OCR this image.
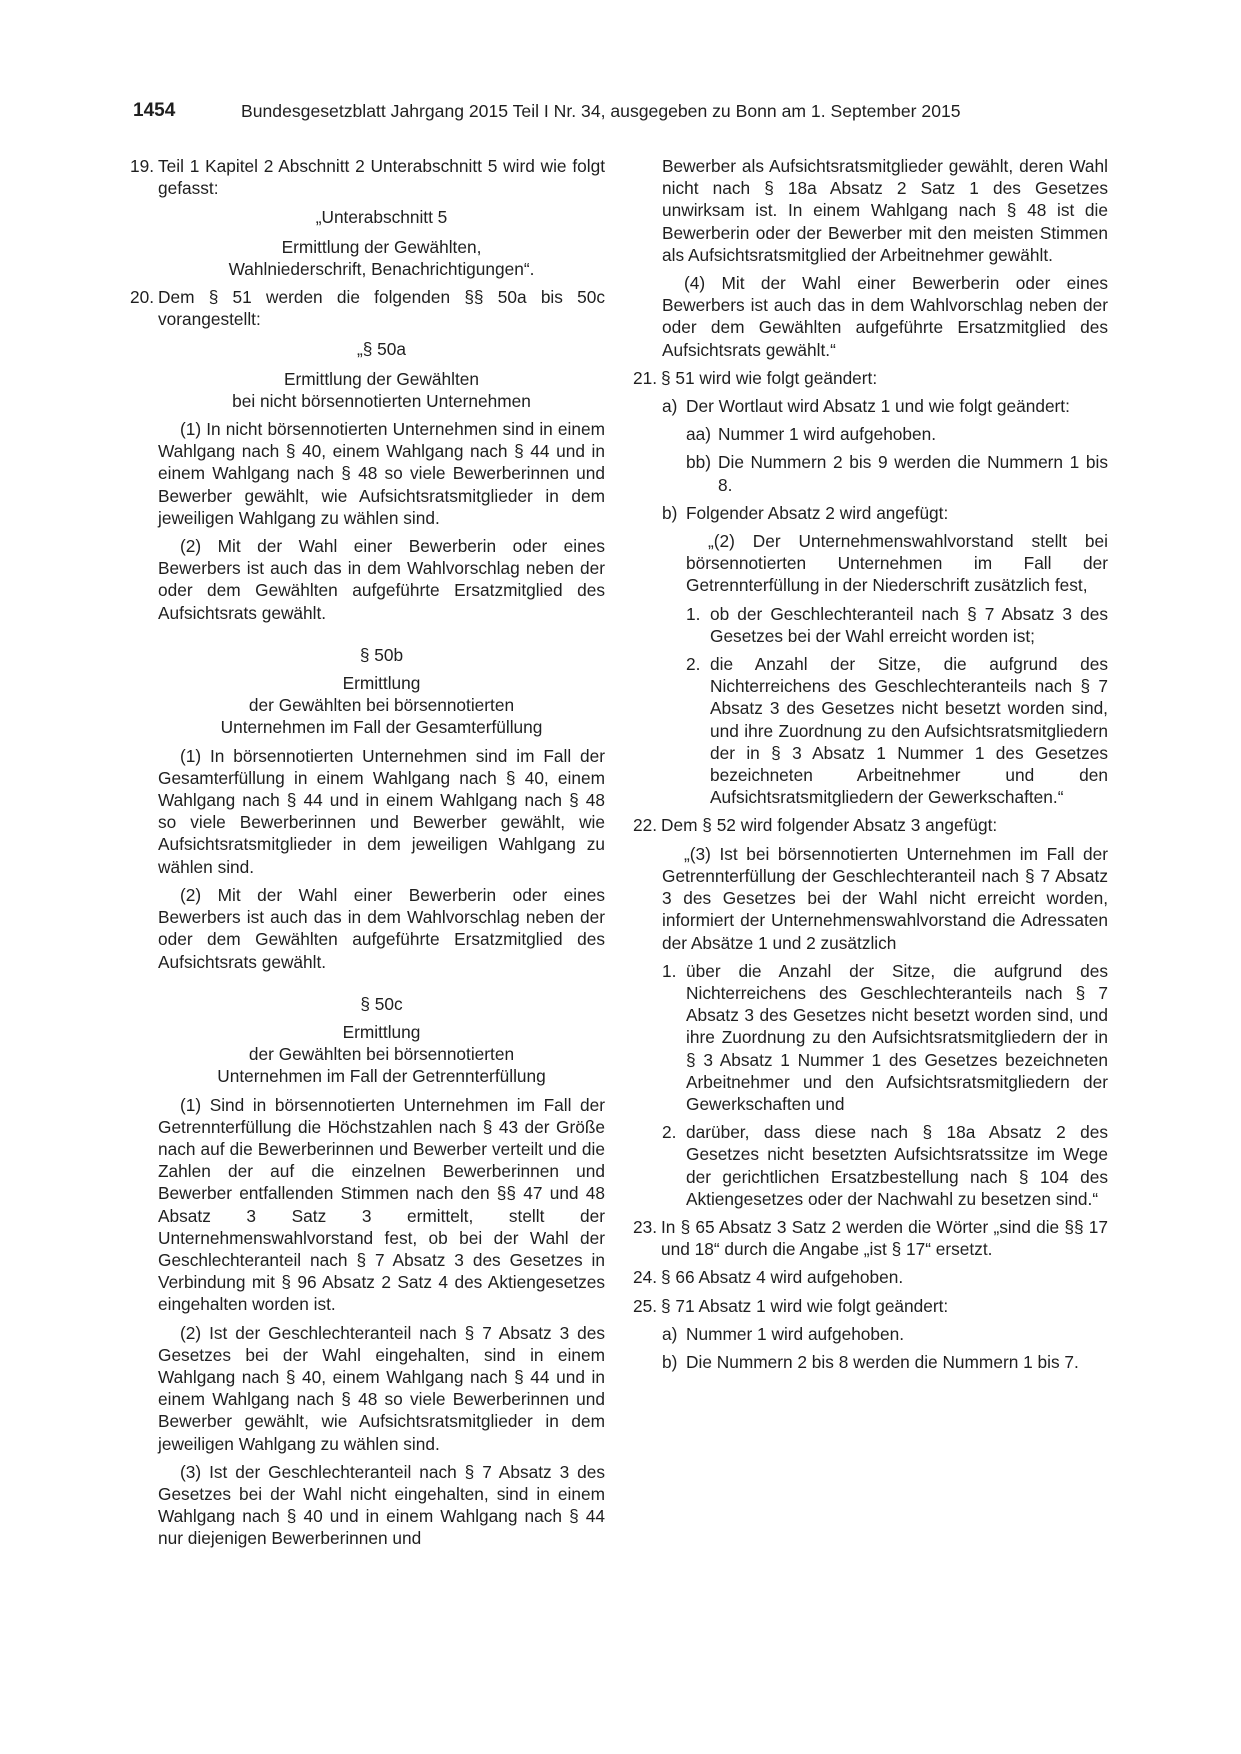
1454	Bundesgesetzblatt Jahrgang 2015 Teil I Nr. 34, ausgegeben zu Bonn am 1. September 2015
19. Teil 1 Kapitel 2 Abschnitt 2 Unterabschnitt 5 wird wie folgt gefasst:

„Unterabschnitt 5

Ermittlung der Gewählten,

Wahlniederschrift, Benachrichtigungen“.

20. Dem § 51 werden die folgenden §§ 50a bis 50c vorangestellt:

„§ 50a

Ermittlung der Gewählten

bei nicht börsennotierten Unternehmen

(1) In nicht börsennotierten Unternehmen sind in einem Wahlgang nach § 40, einem Wahlgang nach § 44 und in einem Wahlgang nach § 48 so viele Bewerberinnen und Bewerber gewählt, wie Aufsichtsratsmitglieder in dem jeweiligen Wahlgang zu wählen sind.

(2) Mit der Wahl einer Bewerberin oder eines Bewerbers ist auch das in dem Wahlvorschlag neben der oder dem Gewählten aufgeführte Ersatzmitglied des Aufsichtsrats gewählt.

§ 50b

Ermittlung

der Gewählten bei börsennotierten

Unternehmen im Fall der Gesamterfüllung

(1) In börsennotierten Unternehmen sind im Fall der Gesamterfüllung in einem Wahlgang nach § 40, einem Wahlgang nach § 44 und in einem Wahlgang nach § 48 so viele Bewerberinnen und Bewerber gewählt, wie Aufsichtsratsmitglieder in dem jeweiligen Wahlgang zu wählen sind.

(2) Mit der Wahl einer Bewerberin oder eines Bewerbers ist auch das in dem Wahlvorschlag neben der oder dem Gewählten aufgeführte Ersatzmitglied des Aufsichtsrats gewählt.

§ 50c

Ermittlung

der Gewählten bei börsennotierten

Unternehmen im Fall der Getrennterfüllung

(1) Sind in börsennotierten Unternehmen im Fall der Getrennterfüllung die Höchstzahlen nach § 43 der Größe nach auf die Bewerberinnen und Bewerber verteilt und die Zahlen der auf die einzelnen Bewerberinnen und Bewerber entfallenden Stimmen nach den §§ 47 und 48 Absatz 3 Satz 3 ermittelt, stellt der Unternehmenswahlvorstand fest, ob bei der Wahl der Geschlechteranteil nach § 7 Absatz 3 des Gesetzes in Verbindung mit § 96 Absatz 2 Satz 4 des Aktiengesetzes eingehalten worden ist.

(2) Ist der Geschlechteranteil nach § 7 Absatz 3 des Gesetzes bei der Wahl eingehalten, sind in einem Wahlgang nach § 40, einem Wahlgang nach § 44 und in einem Wahlgang nach § 48 so viele Bewerberinnen und Bewerber gewählt, wie Aufsichtsratsmitglieder in dem jeweiligen Wahlgang zu wählen sind.

(3) Ist der Geschlechteranteil nach § 7 Absatz 3 des Gesetzes bei der Wahl nicht eingehalten, sind in einem Wahlgang nach § 40 und in einem Wahlgang nach § 44 nur diejenigen Bewerberinnen und

Bewerber als Aufsichtsratsmitglieder gewählt, deren Wahl nicht nach § 18a Absatz 2 Satz 1 des Gesetzes unwirksam ist. In einem Wahlgang nach § 48 ist die Bewerberin oder der Bewerber mit den meisten Stimmen als Aufsichtsratsmitglied der Arbeitnehmer gewählt.

(4) Mit der Wahl einer Bewerberin oder eines Bewerbers ist auch das in dem Wahlvorschlag neben der oder dem Gewählten aufgeführte Ersatzmitglied des Aufsichtsrats gewählt.“

21. § 51 wird wie folgt geändert:
a) Der Wortlaut wird Absatz 1 und wie folgt geändert:
aa) Nummer 1 wird aufgehoben.
bb) Die Nummern 2 bis 9 werden die Nummern 1 bis 8.
b) Folgender Absatz 2 wird angefügt:

„(2) Der Unternehmenswahlvorstand stellt bei börsennotierten Unternehmen im Fall der Getrennterfüllung in der Niederschrift zusätzlich fest,

1. ob der Geschlechteranteil nach § 7 Absatz 3 des Gesetzes bei der Wahl erreicht worden ist;
2. die Anzahl der Sitze, die aufgrund des Nichterreichens des Geschlechteranteils nach § 7 Absatz 3 des Gesetzes nicht besetzt worden sind, und ihre Zuordnung zu den Aufsichtsratsmitgliedern der in § 3 Absatz 1 Nummer 1 des Gesetzes bezeichneten Arbeitnehmer und den Aufsichtsratsmitgliedern der Gewerkschaften.“
22. Dem § 52 wird folgender Absatz 3 angefügt:

„(3) Ist bei börsennotierten Unternehmen im Fall der Getrennterfüllung der Geschlechteranteil nach § 7 Absatz 3 des Gesetzes bei der Wahl nicht erreicht worden, informiert der Unternehmenswahlvorstand die Adressaten der Absätze 1 und 2 zusätzlich

1. über die Anzahl der Sitze, die aufgrund des Nichterreichens des Geschlechteranteils nach § 7 Absatz 3 des Gesetzes nicht besetzt worden sind, und ihre Zuordnung zu den Aufsichtsratsmitgliedern der in § 3 Absatz 1 Nummer 1 des Gesetzes bezeichneten Arbeitnehmer und den Aufsichtsratsmitgliedern der Gewerkschaften und
2. darüber, dass diese nach § 18a Absatz 2 des Gesetzes nicht besetzten Aufsichtsratssitze im Wege der gerichtlichen Ersatzbestellung nach § 104 des Aktiengesetzes oder der Nachwahl zu besetzen sind.“
23. In § 65 Absatz 3 Satz 2 werden die Wörter „sind die §§ 17 und 18“ durch die Angabe „ist § 17“ ersetzt.
24. § 66 Absatz 4 wird aufgehoben.
25. § 71 Absatz 1 wird wie folgt geändert:
a) Nummer 1 wird aufgehoben.
b) Die Nummern 2 bis 8 werden die Nummern 1 bis 7.
